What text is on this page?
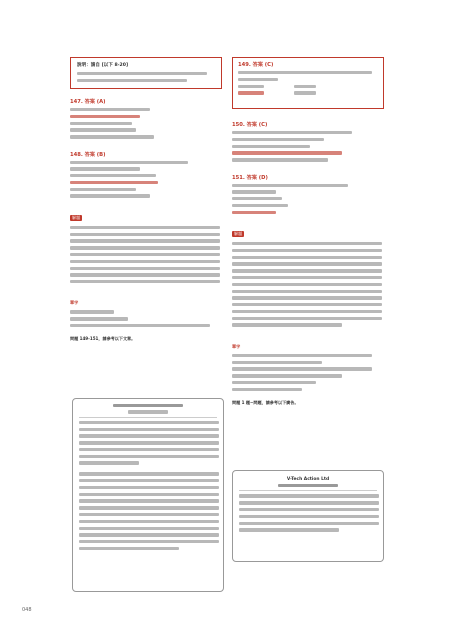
說明：請自 [以下 8-20]
147. 答案 (A)
148. 答案 (B)
解題
單字
問題 149-151，請參考以下文章。
149. 答案 (C)
150. 答案 (C)
151. 答案 (D)
解題
單字
問題 1 題~問題，請參考以下廣告。
V-Tech Action Ltd
048
